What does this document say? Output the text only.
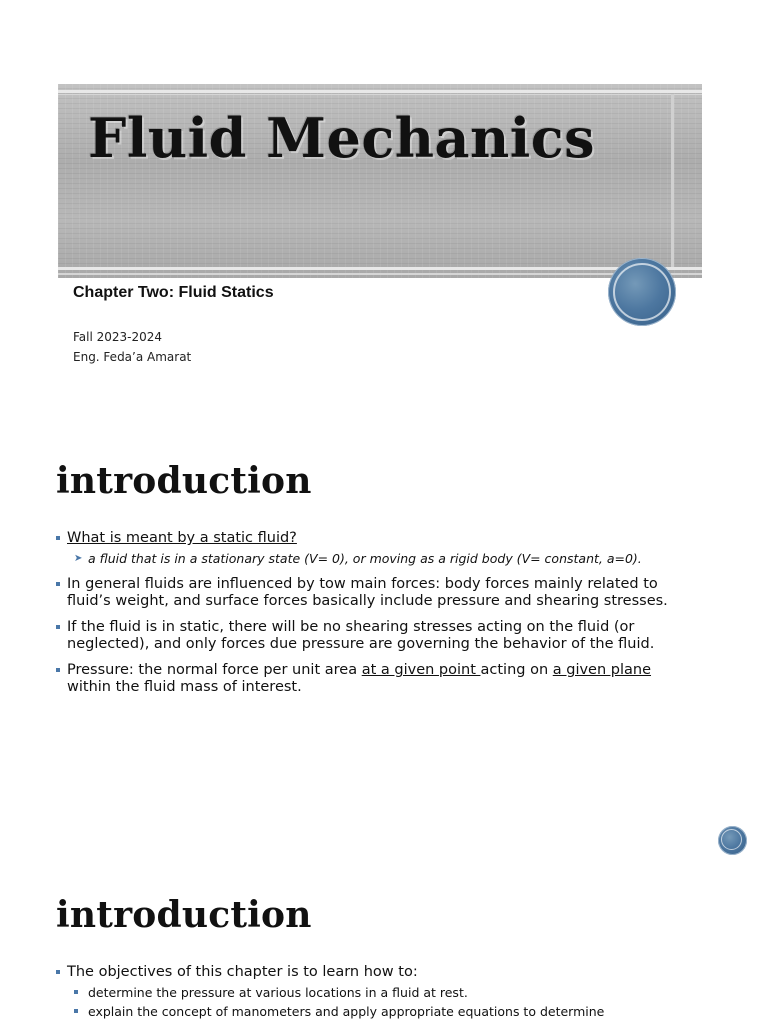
Fluid Mechanics
Chapter Two: Fluid Statics
Fall 2023-2024
Eng. Feda’a Amarat
introduction
What is meant by a static fluid?
➤ a fluid that is in a stationary state (V= 0), or moving as a rigid body (V= constant, a=0).
In general fluids are influenced by tow main forces: body forces mainly related to fluid’s weight, and surface forces basically include pressure and shearing stresses.
If the fluid is in static, there will be no shearing stresses acting on the fluid (or neglected), and only forces due pressure are governing the behavior of the fluid.
Pressure: the normal force per unit area at a given point acting on a given plane within the fluid mass of interest.
introduction
The objectives of this chapter is to learn how to:
determine the pressure at various locations in a fluid at rest.
explain the concept of manometers and apply appropriate equations to determine
